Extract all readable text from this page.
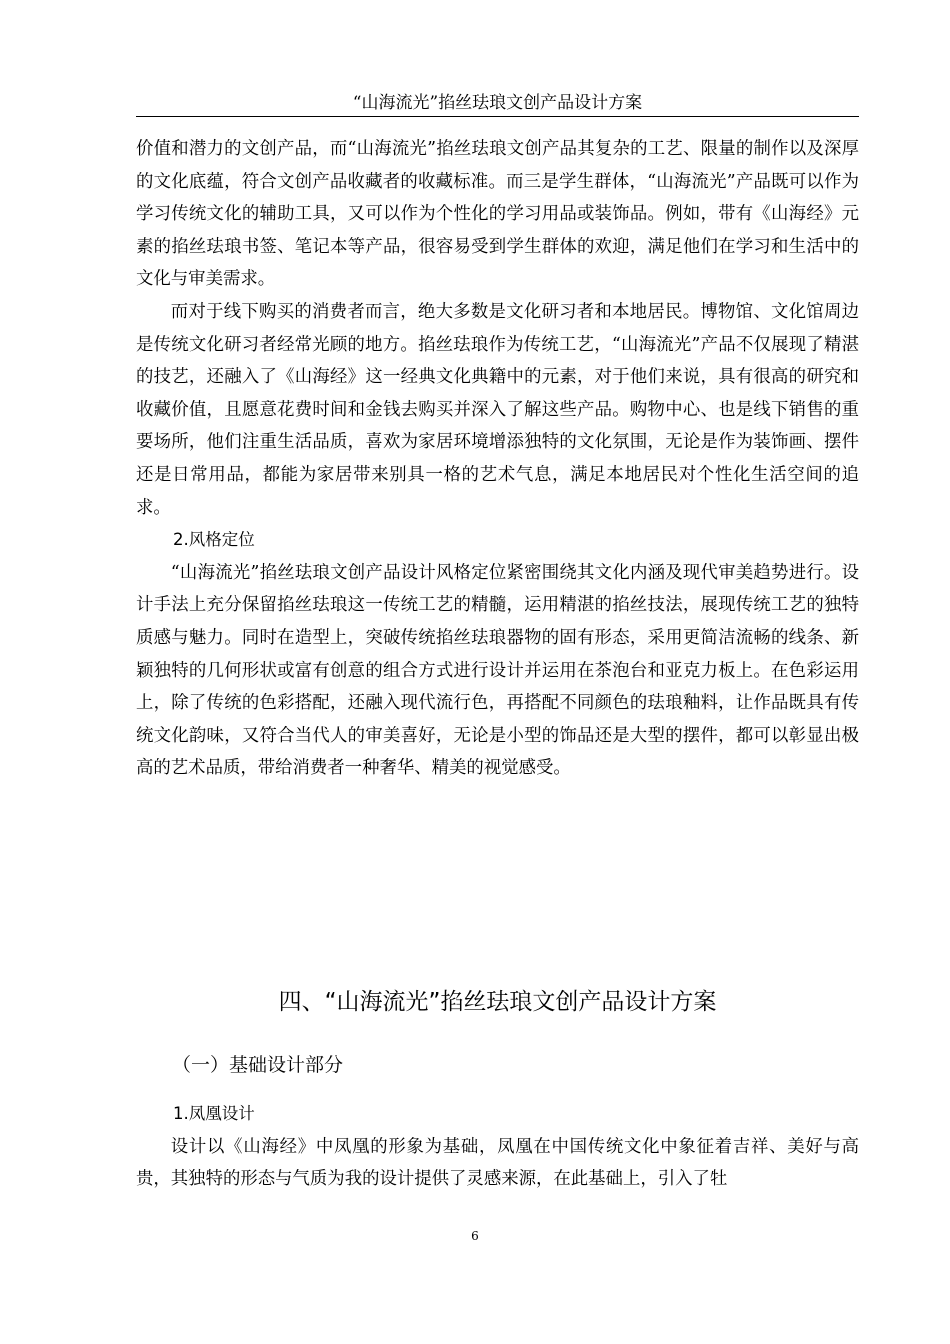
“山海流光”掐丝珐琅文创产品设计方案

价值和潜力的文创产品，而“山海流光”掐丝珐琅文创产品其复杂的工艺、限量的制作以及深厚的文化底蕴，符合文创产品收藏者的收藏标准。而三是学生群体，“山海流光”产品既可以作为学习传统文化的辅助工具，又可以作为个性化的学习用品或装饰品。例如，带有《山海经》元素的掐丝珐琅书签、笔记本等产品，很容易受到学生群体的欢迎，满足他们在学习和生活中的文化与审美需求。

而对于线下购买的消费者而言，绝大多数是文化研习者和本地居民。博物馆、文化馆周边是传统文化研习者经常光顾的地方。掐丝珐琅作为传统工艺，“山海流光”产品不仅展现了精湛的技艺，还融入了《山海经》这一经典文化典籍中的元素，对于他们来说，具有很高的研究和收藏价值，且愿意花费时间和金钱去购买并深入了解这些产品。购物中心、也是线下销售的重要场所，他们注重生活品质，喜欢为家居环境增添独特的文化氛围，无论是作为装饰画、摆件还是日常用品，都能为家居带来别具一格的艺术气息，满足本地居民对个性化生活空间的追求。

2.风格定位

“山海流光”掐丝珐琅文创产品设计风格定位紧密围绕其文化内涵及现代审美趋势进行。设计手法上充分保留掐丝珐琅这一传统工艺的精髓，运用精湛的掐丝技法，展现传统工艺的独特质感与魅力。同时在造型上，突破传统掐丝珐琅器物的固有形态，采用更简洁流畅的线条、新颖独特的几何形状或富有创意的组合方式进行设计并运用在茶泡台和亚克力板上。在色彩运用上，除了传统的色彩搭配，还融入现代流行色，再搭配不同颜色的珐琅釉料，让作品既具有传统文化韵味，又符合当代人的审美喜好，无论是小型的饰品还是大型的摆件，都可以彰显出极高的艺术品质，带给消费者一种奢华、精美的视觉感受。

四、“山海流光”掐丝珐琅文创产品设计方案
（一）基础设计部分

1.凤凰设计

设计以《山海经》中凤凰的形象为基础，凤凰在中国传统文化中象征着吉祥、美好与高贵，其独特的形态与气质为我的设计提供了灵感来源，在此基础上，引入了牡

6
